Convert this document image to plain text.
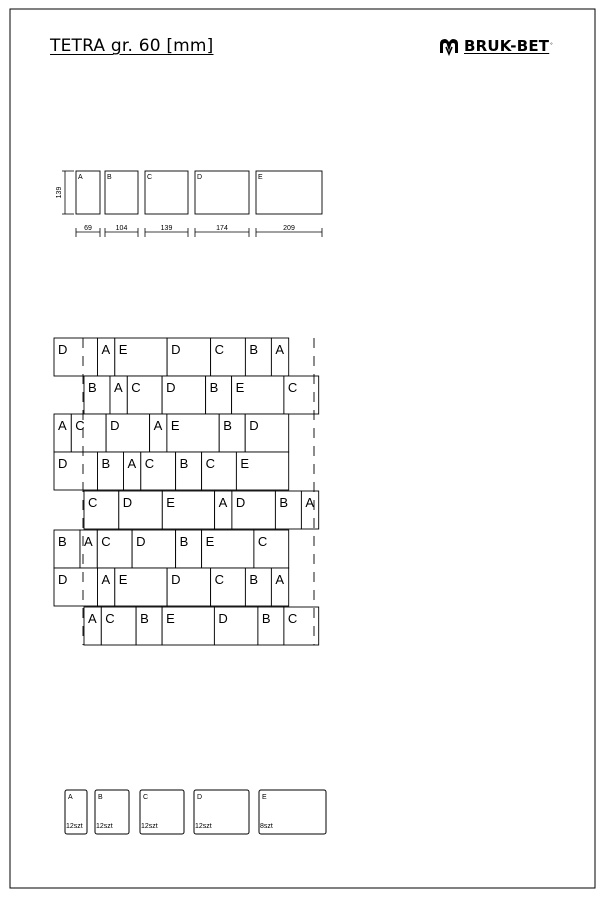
139
A
69
B
104
C
139
D
174
E
209
D	A E	D	C B A
B A C D	B E	C
A C D	A E	B D
D	B A C B C E
C D	E	A D	B A
B A C D	B E	C
D	A E	D	C B A
A C B E	D	B C
A
12szt
B
12szt
C
12szt
D
12szt
E
8szt
TETRA gr. 60 [mm]	BRUK-BET °
